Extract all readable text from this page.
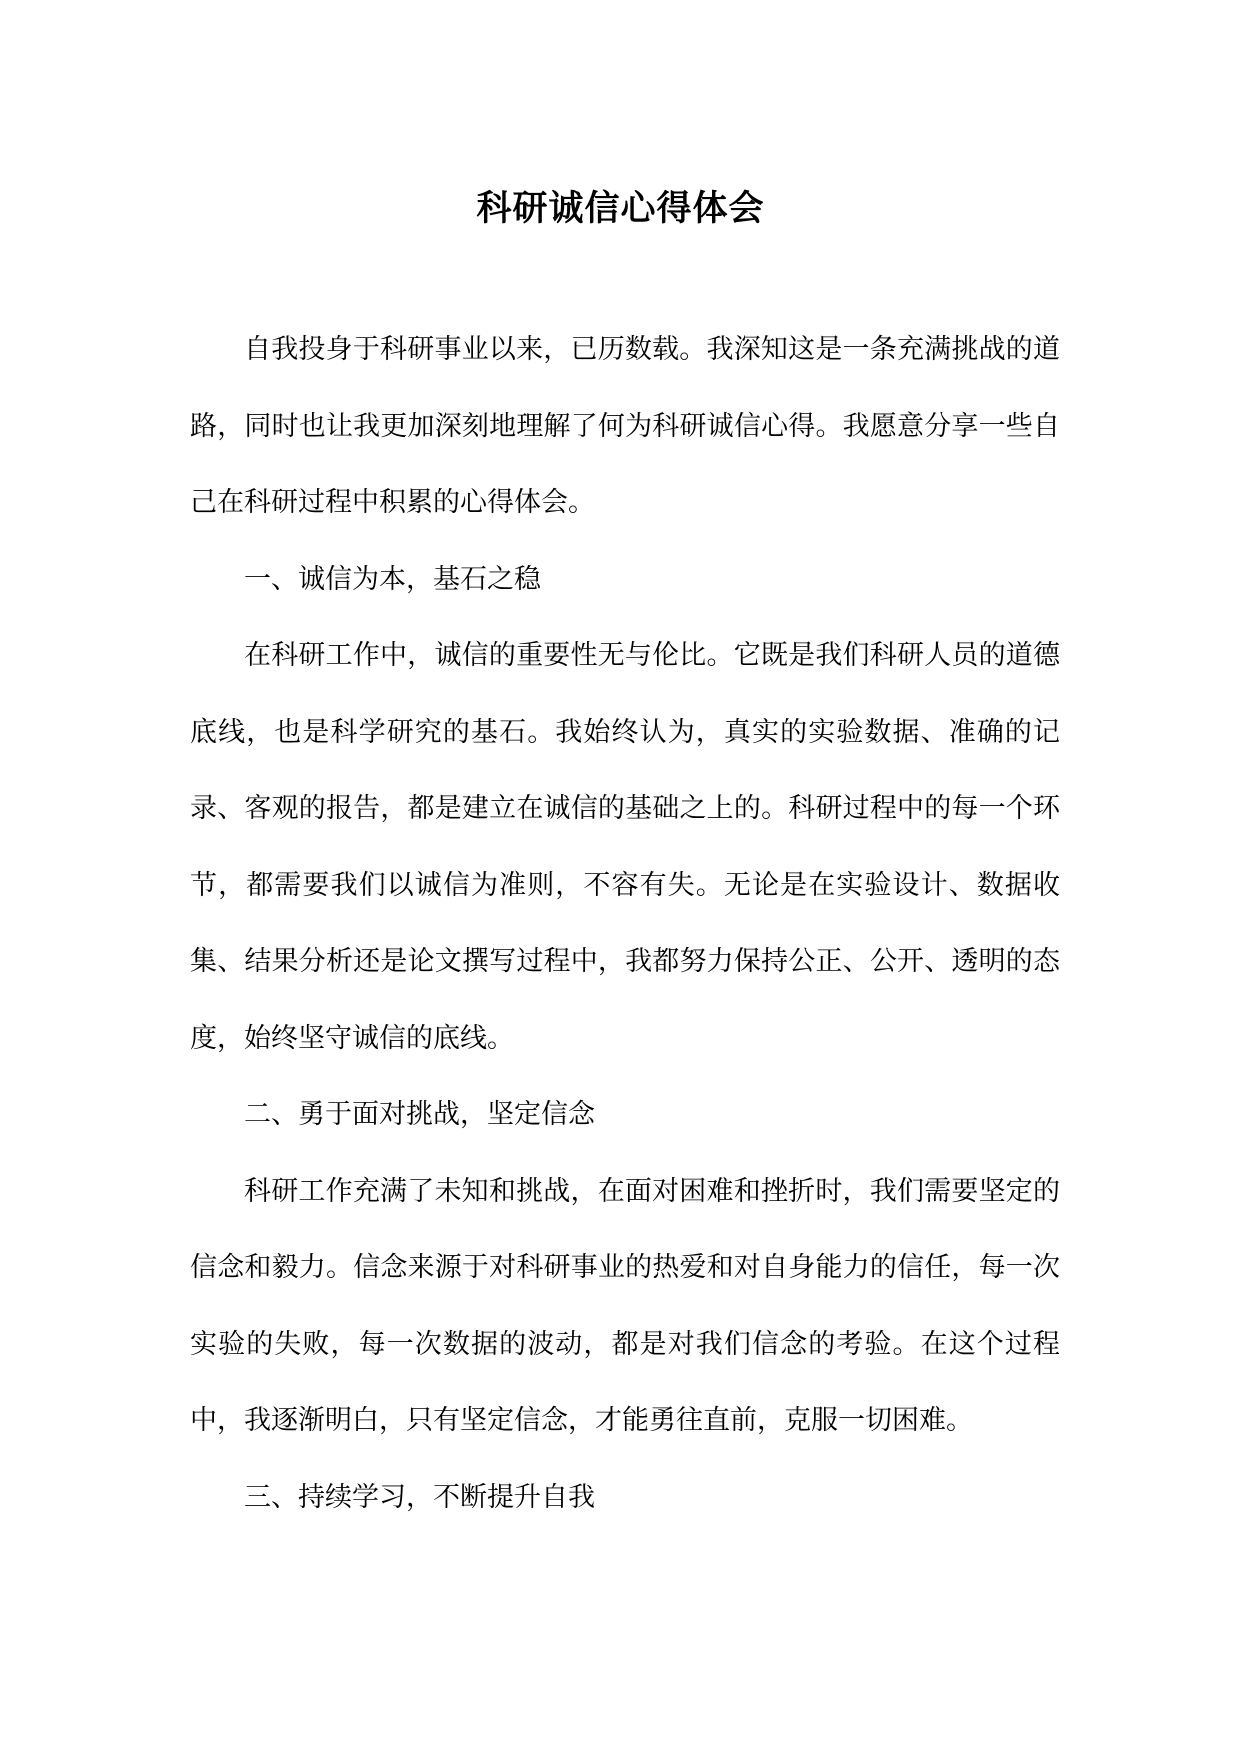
科研诚信心得体会

自我投身于科研事业以来，已历数载。我深知这是一条充满挑战的道路，同时也让我更加深刻地理解了何为科研诚信心得。我愿意分享一些自己在科研过程中积累的心得体会。

一、诚信为本，基石之稳

在科研工作中，诚信的重要性无与伦比。它既是我们科研人员的道德底线，也是科学研究的基石。我始终认为，真实的实验数据、准确的记录、客观的报告，都是建立在诚信的基础之上的。科研过程中的每一个环节，都需要我们以诚信为准则，不容有失。无论是在实验设计、数据收集、结果分析还是论文撰写过程中，我都努力保持公正、公开、透明的态度，始终坚守诚信的底线。

二、勇于面对挑战，坚定信念

科研工作充满了未知和挑战，在面对困难和挫折时，我们需要坚定的信念和毅力。信念来源于对科研事业的热爱和对自身能力的信任，每一次实验的失败，每一次数据的波动，都是对我们信念的考验。在这个过程中，我逐渐明白，只有坚定信念，才能勇往直前，克服一切困难。

三、持续学习，不断提升自我
